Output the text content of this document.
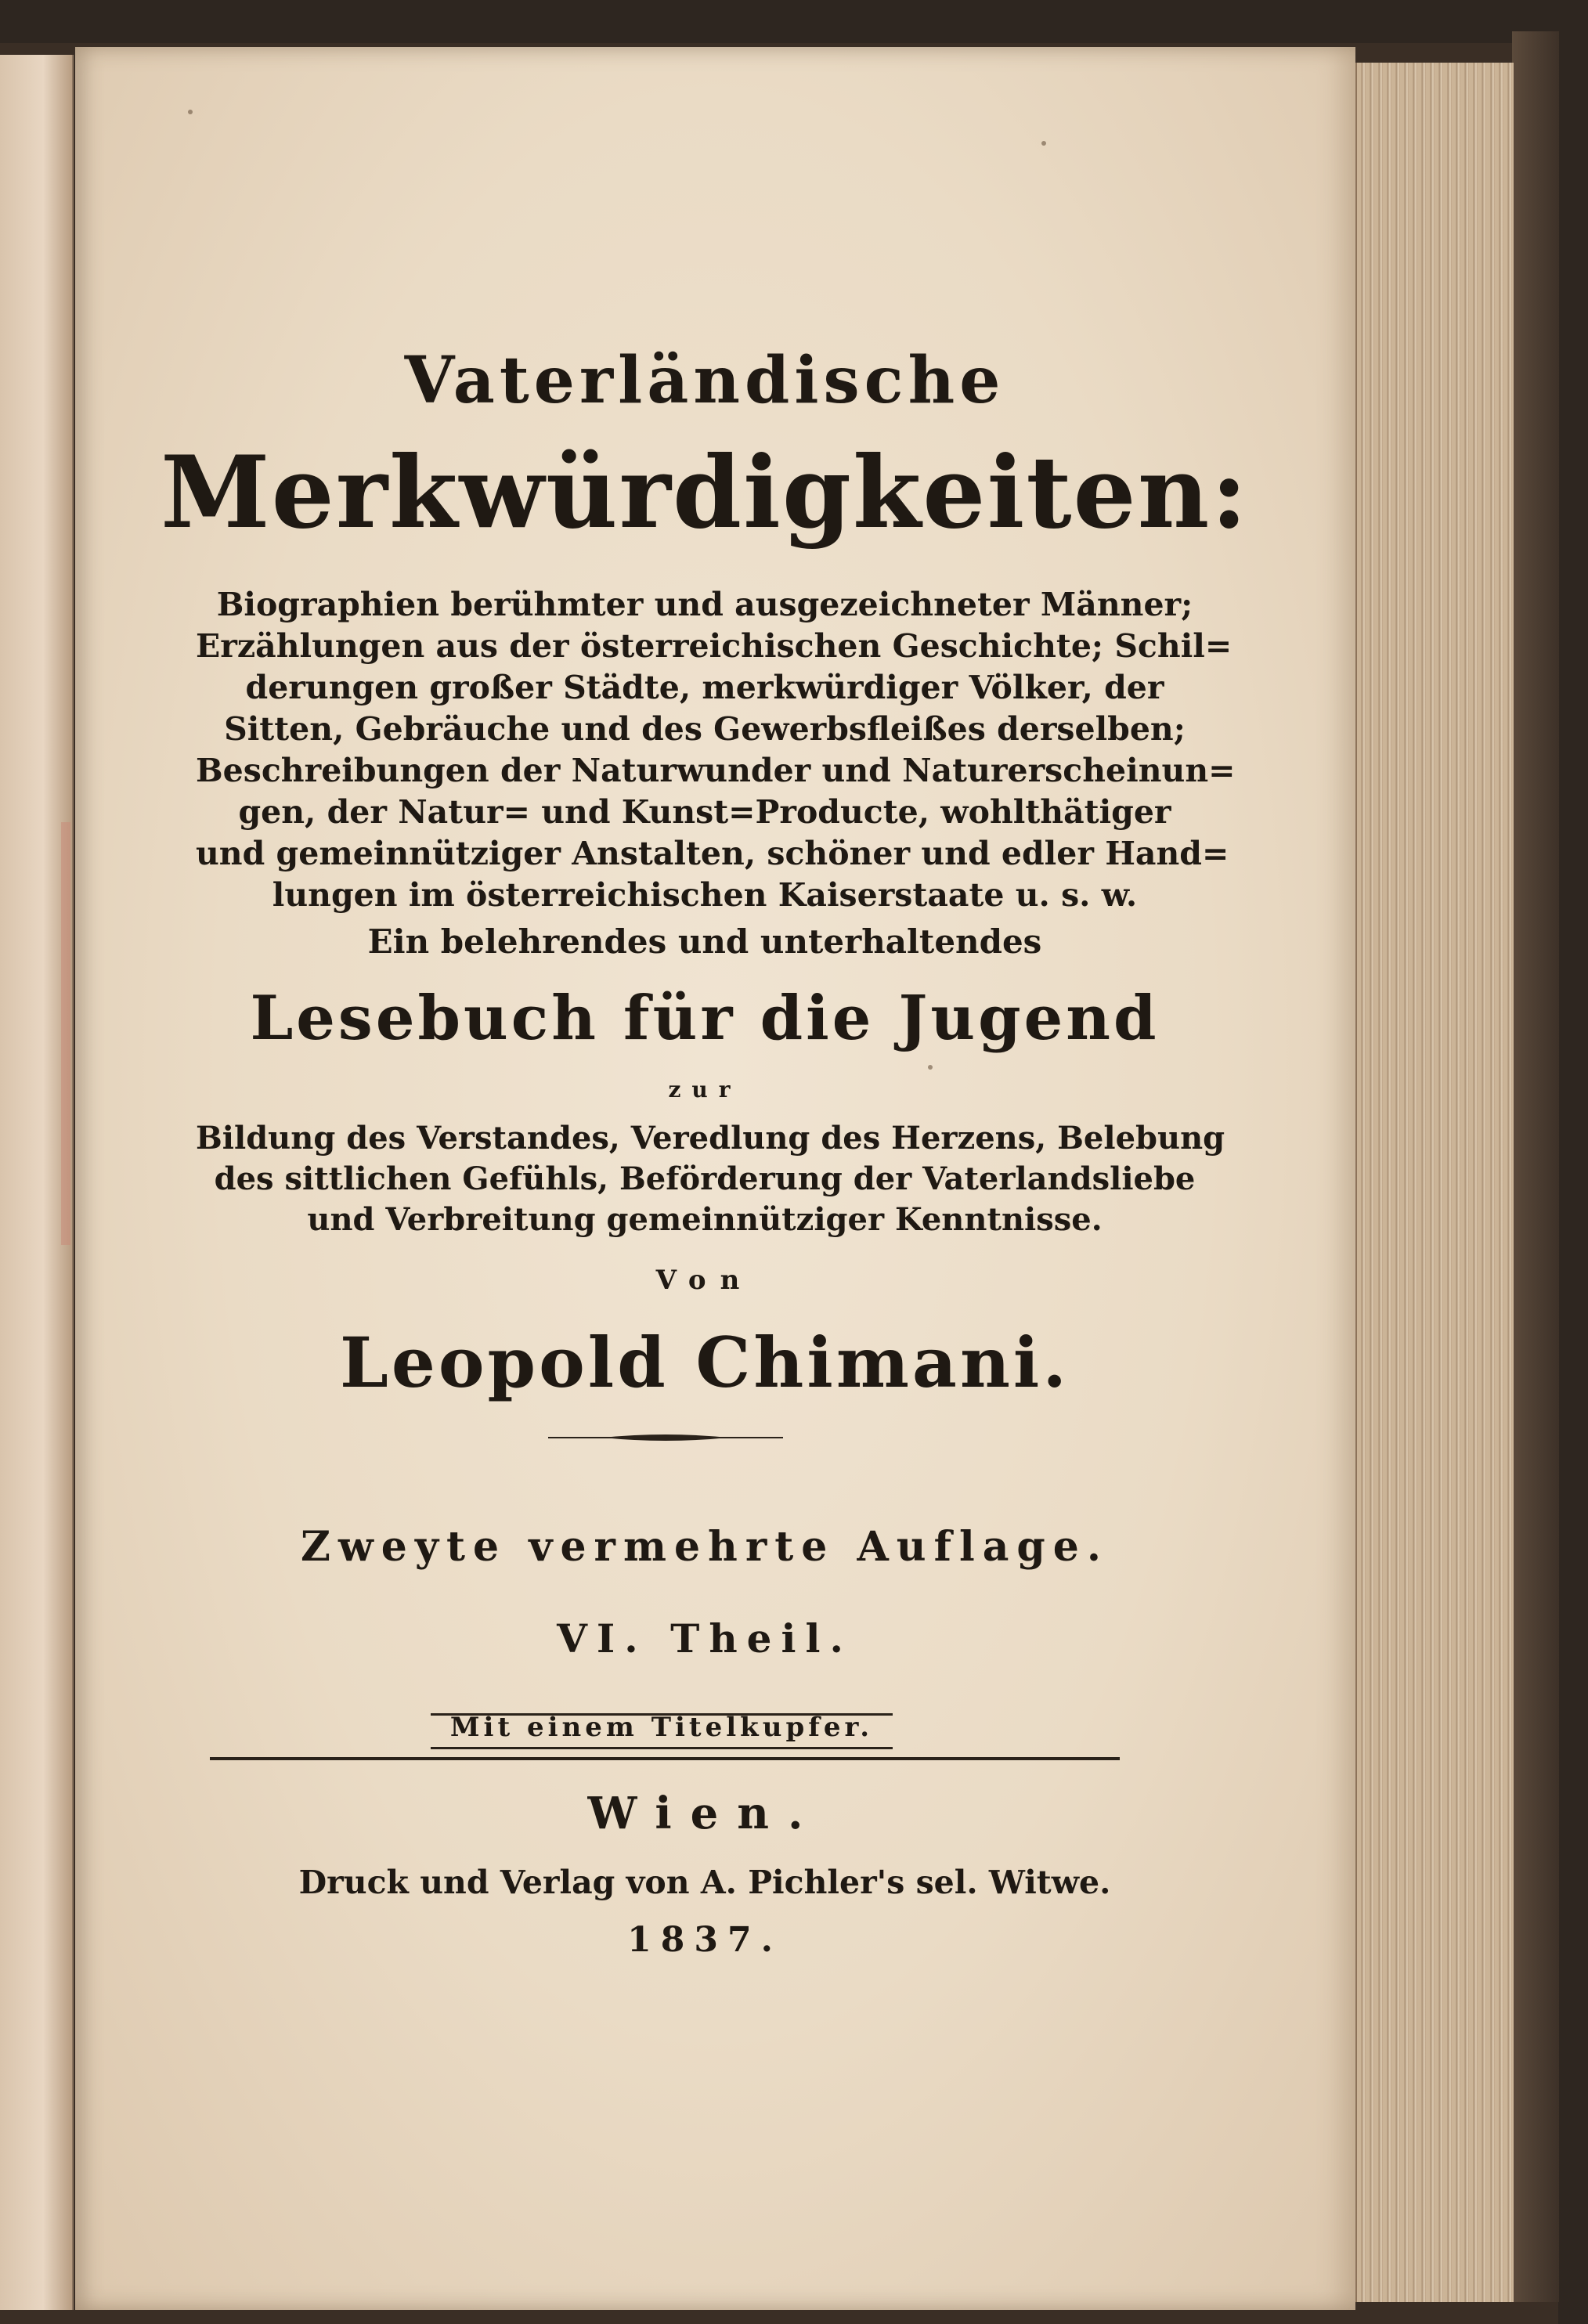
Vaterländische
Merkwürdigkeiten:
Biographien berühmter und ausgezeichneter Männer;
Erzählungen aus der österreichischen Geschichte; Schil=
derungen großer Städte, merkwürdiger Völker, der
Sitten, Gebräuche und des Gewerbsfleißes derselben;
Beschreibungen der Naturwunder und Naturerscheinun=
gen, der Natur= und Kunst=Producte, wohlthätiger
und gemeinnütziger Anstalten, schöner und edler Hand=
lungen im österreichischen Kaiserstaate u. s. w.
Ein belehrendes und unterhaltendes
Lesebuch für die Jugend
zur
Bildung des Verstandes, Veredlung des Herzens, Belebung
des sittlichen Gefühls, Beförderung der Vaterlandsliebe
und Verbreitung gemeinnütziger Kenntnisse.
Von
Leopold Chimani.
Zweyte vermehrte Auflage.
VI. Theil.
Mit einem Titelkupfer.
Wien.
Druck und Verlag von A. Pichler's sel. Witwe.
1837.
